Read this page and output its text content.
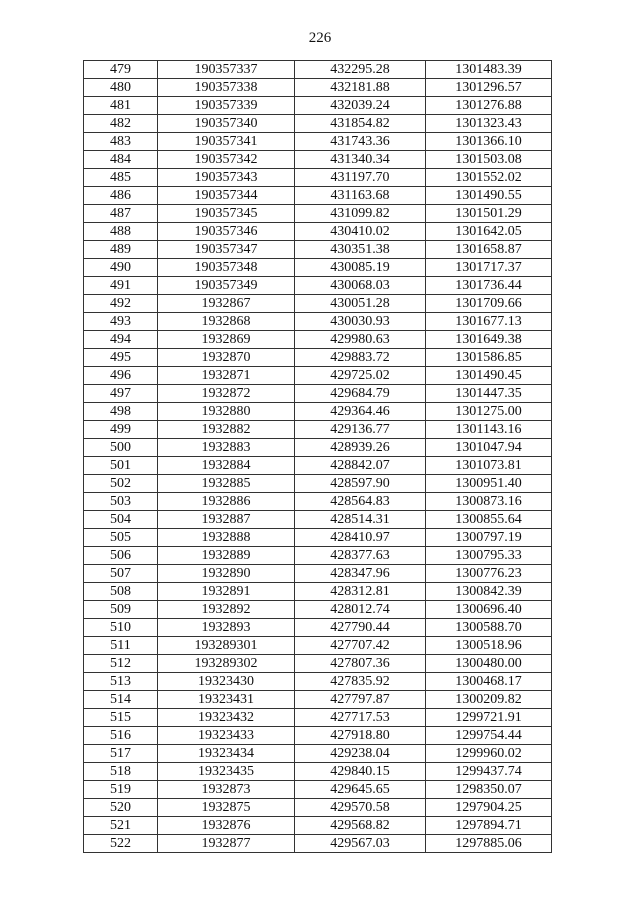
226
479	190357337	432295.28	1301483.39
480	190357338	432181.88	1301296.57
481	190357339	432039.24	1301276.88
482	190357340	431854.82	1301323.43
483	190357341	431743.36	1301366.10
484	190357342	431340.34	1301503.08
485	190357343	431197.70	1301552.02
486	190357344	431163.68	1301490.55
487	190357345	431099.82	1301501.29
488	190357346	430410.02	1301642.05
489	190357347	430351.38	1301658.87
490	190357348	430085.19	1301717.37
491	190357349	430068.03	1301736.44
492	1932867	430051.28	1301709.66
493	1932868	430030.93	1301677.13
494	1932869	429980.63	1301649.38
495	1932870	429883.72	1301586.85
496	1932871	429725.02	1301490.45
497	1932872	429684.79	1301447.35
498	1932880	429364.46	1301275.00
499	1932882	429136.77	1301143.16
500	1932883	428939.26	1301047.94
501	1932884	428842.07	1301073.81
502	1932885	428597.90	1300951.40
503	1932886	428564.83	1300873.16
504	1932887	428514.31	1300855.64
505	1932888	428410.97	1300797.19
506	1932889	428377.63	1300795.33
507	1932890	428347.96	1300776.23
508	1932891	428312.81	1300842.39
509	1932892	428012.74	1300696.40
510	1932893	427790.44	1300588.70
511	193289301	427707.42	1300518.96
512	193289302	427807.36	1300480.00
513	19323430	427835.92	1300468.17
514	19323431	427797.87	1300209.82
515	19323432	427717.53	1299721.91
516	19323433	427918.80	1299754.44
517	19323434	429238.04	1299960.02
518	19323435	429840.15	1299437.74
519	1932873	429645.65	1298350.07
520	1932875	429570.58	1297904.25
521	1932876	429568.82	1297894.71
522	1932877	429567.03	1297885.06
